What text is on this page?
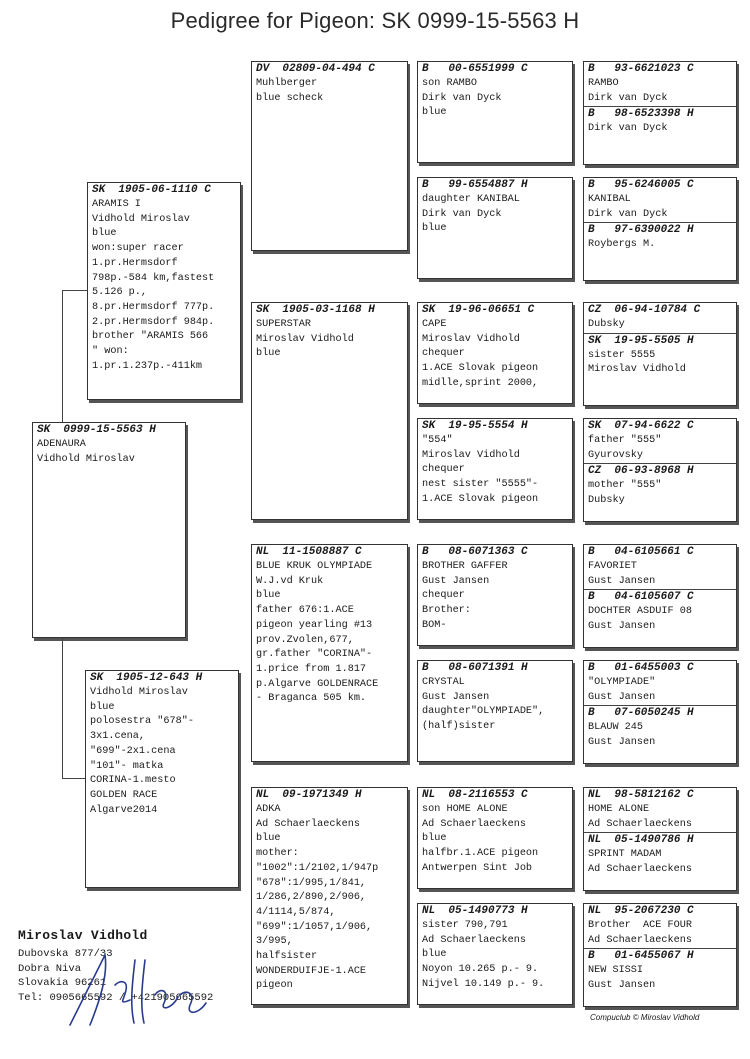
Pedigree for Pigeon: SK 0999-15-5563 H
SK  0999-15-5563 H
ADENAURA
Vidhold Miroslav
SK  1905-06-1110 C
ARAMIS I
Vidhold Miroslav
blue
won:super racer
1.pr.Hermsdorf
798p.-584 km,fastest
5.126 p.,
8.pr.Hermsdorf 777p.
2.pr.Hermsdorf 984p.
brother "ARAMIS 566
" won:
1.pr.1.237p.-411km
SK  1905-12-643 H
Vidhold Miroslav
blue
polosestra "678"-
3x1.cena,
"699"-2x1.cena
"101"- matka
CORINA-1.mesto
GOLDEN RACE
Algarve2014
DV  02809-04-494 C
Muhlberger
blue scheck
SK  1905-03-1168 H
SUPERSTAR
Miroslav Vidhold
blue
NL  11-1508887 C
BLUE KRUK OLYMPIADE
W.J.vd Kruk
blue
father 676:1.ACE
pigeon yearling #13
prov.Zvolen,677,
gr.father "CORINA"-
1.price from 1.817
p.Algarve GOLDENRACE
- Braganca 505 km.
NL  09-1971349 H
ADKA
Ad Schaerlaeckens
blue
mother:
"1002":1/2102,1/947p
"678":1/995,1/841,
1/286,2/890,2/906,
4/1114,5/874,
"699":1/1057,1/906,
3/995,
halfsister
WONDERDUIFJE-1.ACE
pigeon
B   00-6551999 C
son RAMBO
Dirk van Dyck
blue
B   99-6554887 H
daughter KANIBAL
Dirk van Dyck
blue
SK  19-96-06651 C
CAPE
Miroslav Vidhold
chequer
1.ACE Slovak pigeon
midlle,sprint 2000,
SK  19-95-5554 H
"554"
Miroslav Vidhold
chequer
nest sister "5555"-
1.ACE Slovak pigeon
B   08-6071363 C
BROTHER GAFFER
Gust Jansen
chequer
Brother:
BOM-
B   08-6071391 H
CRYSTAL
Gust Jansen
daughter"OLYMPIADE",
(half)sister
NL  08-2116553 C
son HOME ALONE
Ad Schaerlaeckens
blue
halfbr.1.ACE pigeon
Antwerpen Sint Job
NL  05-1490773 H
sister 790,791
Ad Schaerlaeckens
blue
Noyon 10.265 p.- 9.
Nijvel 10.149 p.- 9.
B   93-6621023 C
RAMBO
Dirk van Dyck
B   98-6523398 H
Dirk van Dyck
B   95-6246005 C
KANIBAL
Dirk van Dyck
B   97-6390022 H
Roybergs M.
CZ  06-94-10784 C
Dubsky
SK  19-95-5505 H
sister 5555
Miroslav Vidhold
SK  07-94-6622 C
father "555"
Gyurovsky
CZ  06-93-8968 H
mother "555"
Dubsky
B   04-6105661 C
FAVORIET
Gust Jansen
B   04-6105607 C
DOCHTER ASDUIF 08
Gust Jansen
B   01-6455003 C
"OLYMPIADE"
Gust Jansen
B   07-6050245 H
BLAUW 245
Gust Jansen
NL  98-5812162 C
HOME ALONE
Ad Schaerlaeckens
NL  05-1490786 H
SPRINT MADAM
Ad Schaerlaeckens
NL  95-2067230 C
Brother  ACE FOUR
Ad Schaerlaeckens
B   01-6455067 H
NEW SISSI
Gust Jansen
Miroslav Vidhold
Dubovska 877/33
Dobra Niva
Slovakia 96261
Tel: 0905665592 / +421905665592
Compuclub © Miroslav Vidhold
